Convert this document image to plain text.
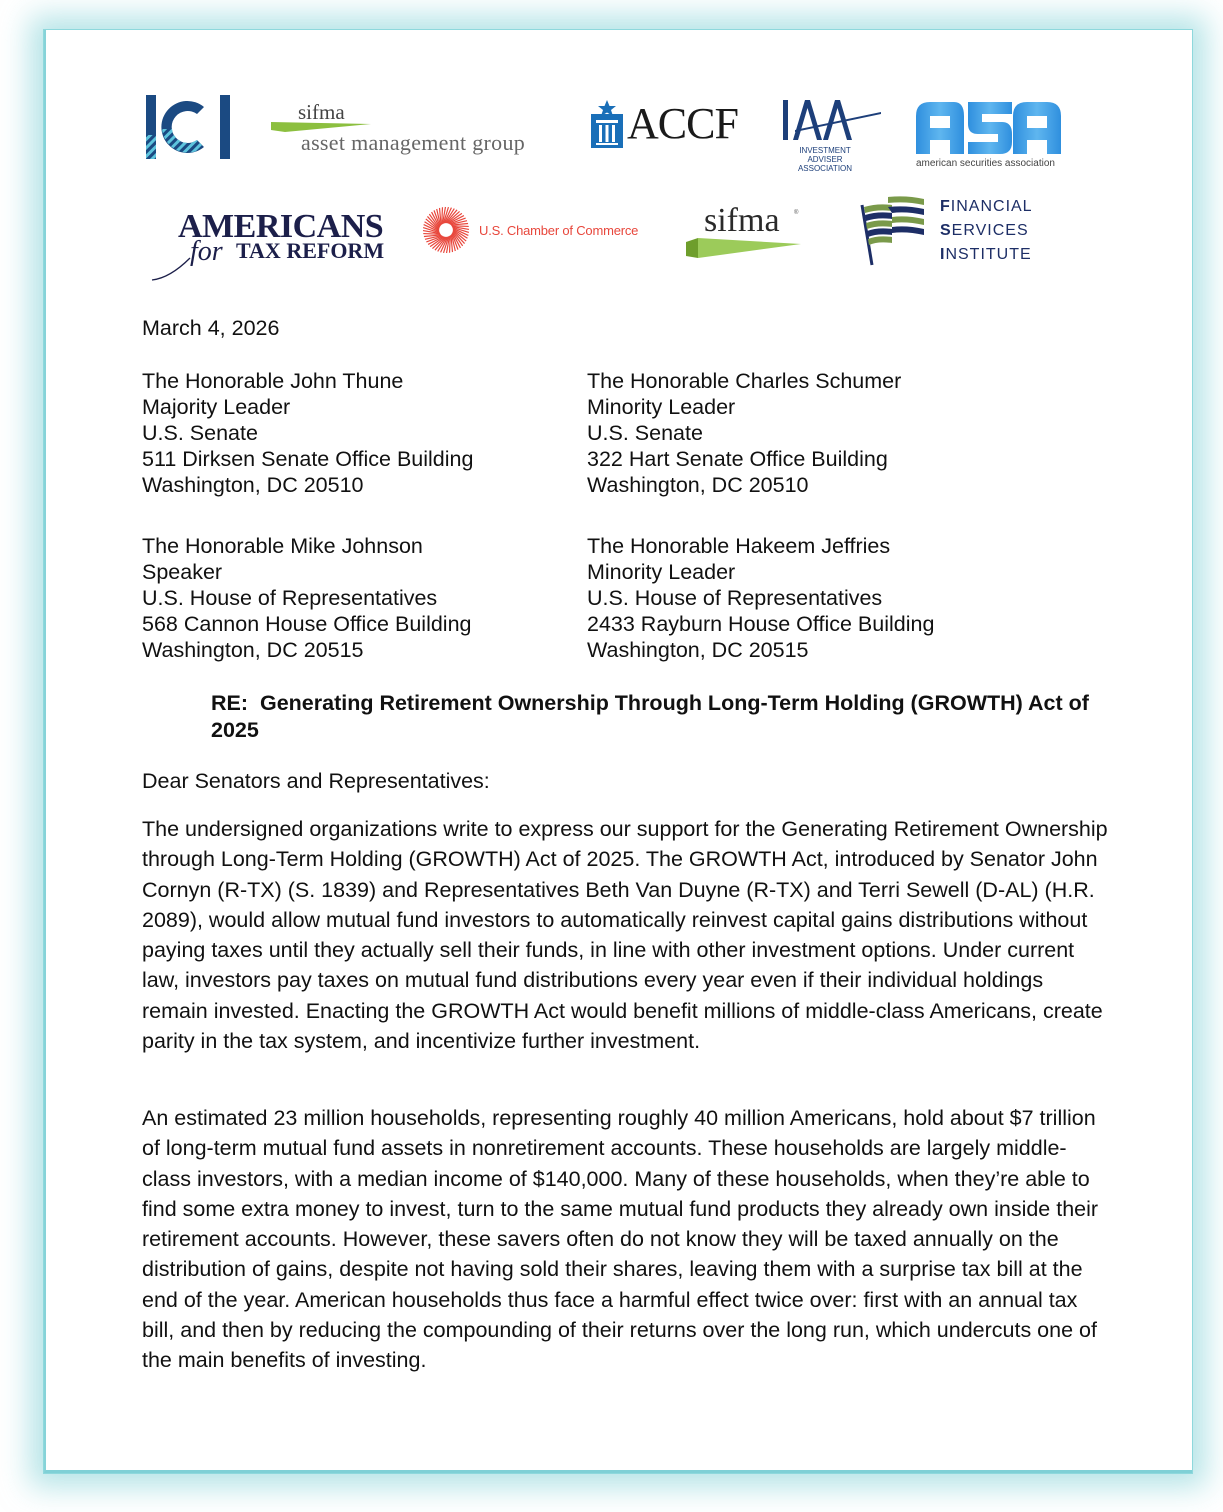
sifma
asset management group ACCF
INVESTMENT
ADVISER ASSOCIATION	american securities association
AMERICANS
for TAX REFORM
U.S. Chamber of Commerce sifma ®	FINANCIAL
SERVICES
INSTITUTE
March 4, 2026
The Honorable John Thune
Majority Leader
U.S. Senate
511 Dirksen Senate Office Building
Washington, DC 20510
The Honorable Charles Schumer
Minority Leader
U.S. Senate
322 Hart Senate Office Building
Washington, DC 20510
The Honorable Mike Johnson
Speaker
U.S. House of Representatives
568 Cannon House Office Building
Washington, DC 20515
The Honorable Hakeem Jeffries
Minority Leader
U.S. House of Representatives
2433 Rayburn House Office Building
Washington, DC 20515
RE:  Generating Retirement Ownership Through Long-Term Holding (GROWTH) Act of 2025
Dear Senators and Representatives:
The undersigned organizations write to express our support for the Generating Retirement Ownership through Long-Term Holding (GROWTH) Act of 2025. The GROWTH Act, introduced by Senator John Cornyn (R-TX) (S. 1839) and Representatives Beth Van Duyne (R-TX) and Terri Sewell (D-AL) (H.R. 2089), would allow mutual fund investors to automatically reinvest capital gains distributions without paying taxes until they actually sell their funds, in line with other investment options. Under current law, investors pay taxes on mutual fund distributions every year even if their individual holdings remain invested. Enacting the GROWTH Act would benefit millions of middle-class Americans, create parity in the tax system, and incentivize further investment.
An estimated 23 million households, representing roughly 40 million Americans, hold about $7 trillion of long-term mutual fund assets in nonretirement accounts. These households are largely middle-class investors, with a median income of $140,000. Many of these households, when they’re able to find some extra money to invest, turn to the same mutual fund products they already own inside their retirement accounts. However, these savers often do not know they will be taxed annually on the distribution of gains, despite not having sold their shares, leaving them with a surprise tax bill at the end of the year. American households thus face a harmful effect twice over: first with an annual tax bill, and then by reducing the compounding of their returns over the long run, which undercuts one of the main benefits of investing.
